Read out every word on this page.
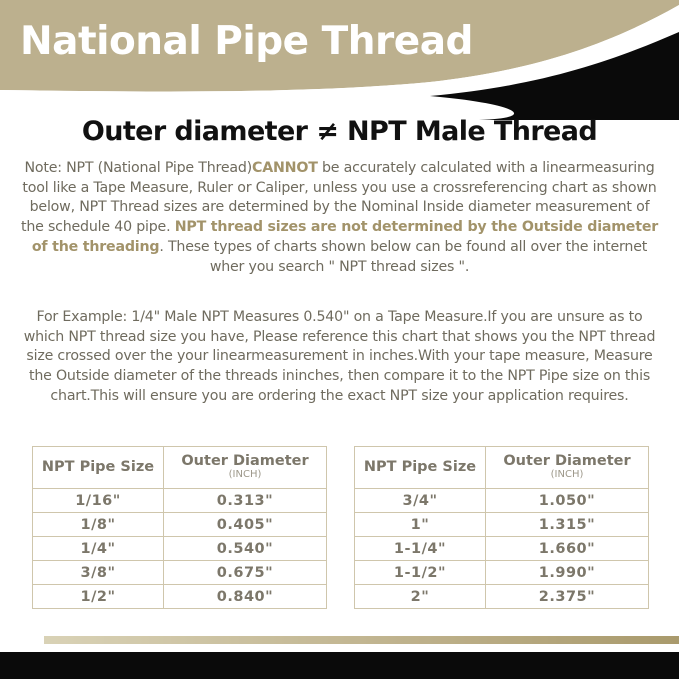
National Pipe Thread
Outer diameter ≠ NPT Male Thread

Note: NPT (National Pipe Thread)CANNOT be accurately calculated with a linearmeasuring tool like a Tape Measure, Ruler or Caliper, unless you use a crossreferencing chart as shown below, NPT Thread sizes are determined by the Nominal Inside diameter measurement of the schedule 40 pipe. NPT thread sizes are not determined by the Outside diameter of the threading. These types of charts shown below can be found all over the internet wher you search " NPT thread sizes ".

For Example: 1/4" Male NPT Measures 0.540" on a Tape Measure.If you are unsure as to which NPT thread size you have, Please reference this chart that shows you the NPT thread size crossed over the your linearmeasurement in inches.With your tape measure, Measure the Outside diameter of the threads ininches, then compare it to the NPT Pipe size on this chart.This will ensure you are ordering the exact NPT size your application requires.

NPT Pipe Size	Outer Diameter
(INCH)

1/16"	0.313"
1/8"	0.405"
1/4"	0.540"
3/8"	0.675"
1/2"	0.840"
NPT Pipe Size	Outer Diameter
(INCH)

3/4"	1.050"
1"	1.315"
1-1/4"	1.660"
1-1/2"	1.990"
2"	2.375"
